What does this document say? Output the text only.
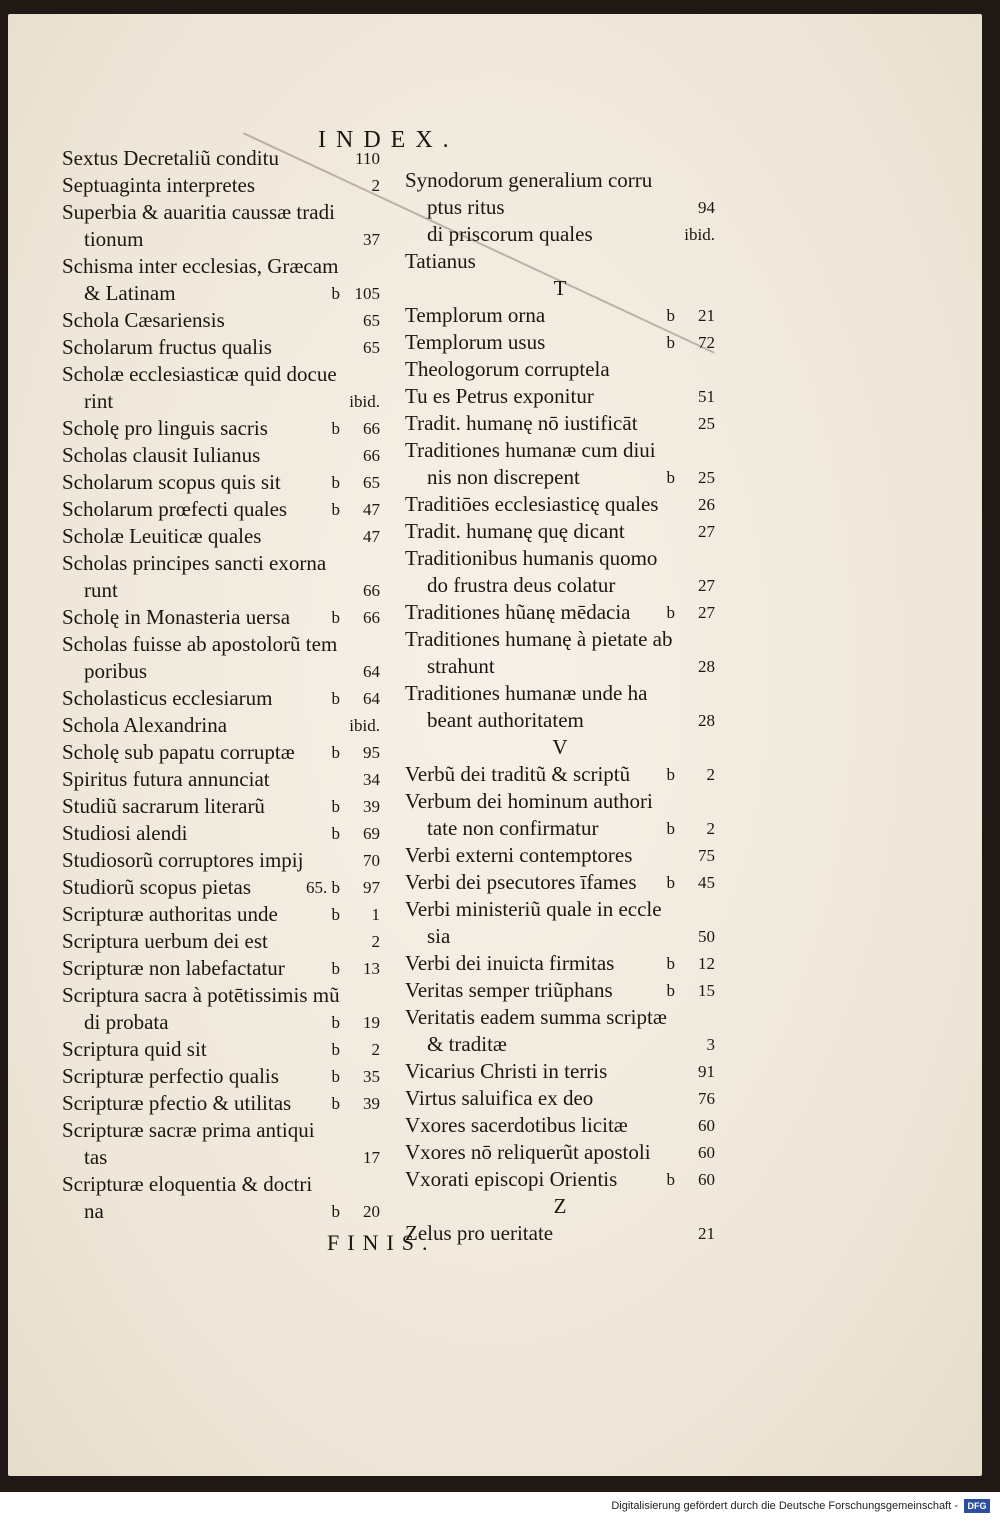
INDEX.
Sextus Decretaliũ conditu	110
Septuaginta interpretes	2
Superbia & auaritia caussæ tradi
tionum	37
Schisma inter ecclesias, Græcam
& Latinam	b 105
Schola Cæsariensis	65
Scholarum fructus qualis	65
Scholæ ecclesiasticæ quid docue
rint	ibid.
Scholę pro linguis sacris	b 66
Scholas clausit Iulianus	66
Scholarum scopus quis sit	b 65
Scholarum prœfecti quales	b 47
Scholæ Leuiticæ quales	47
Scholas principes sancti exorna
runt	66
Scholę in Monasteria uersa b 66
Scholas fuisse ab apostolorũ tem
poribus	64
Scholasticus ecclesiarum	b 64
Schola Alexandrina	ibid.
Scholę sub papatu corruptæ b 95
Spiritus futura annunciat	34
Studiũ sacrarum literarũ	b 39
Studiosi alendi	b 69
Studiosorũ corruptores impij	70
Studiorũ scopus pietas	65. b 97
Scripturæ authoritas unde	b 1
Scriptura uerbum dei est	2
Scripturæ non labefactatur	b 13
Scriptura sacra à potētissimis mũ
di probata	b 19
Scriptura quid sit	b 2
Scripturæ perfectio qualis	b 35
Scripturæ pfectio & utilitas b 39
Scripturæ sacræ prima antiqui
tas	17
Scripturæ eloquentia & doctri
na	b 20
Synodorum generalium corru
ptus ritus	94
di priscorum quales	ibid.
Tatianus
T
Templorum orna	b 21
Templorum usus	b 72
Theologorum corruptela
Tu es Petrus exponitur	51
Tradit. humanę nō iustificāt	25
Traditiones humanæ cum diui
nis non discrepent	b 25
Traditiōes ecclesiasticę quales 26
Tradit. humanę quę dicant	27
Traditionibus humanis quomo
do frustra deus colatur	27
Traditiones hũanę mēdacia b 27
Traditiones humanę à pietate ab
strahunt	28
Traditiones humanæ unde ha
beant authoritatem	28
V
Verbũ dei traditũ & scriptũ b 2
Verbum dei hominum authori
tate non confirmatur	b 2
Verbi externi contemptores	75
Verbi dei psecutores īfames b 45
Verbi ministeriũ quale in eccle
sia	50
Verbi dei inuicta firmitas	b 12
Veritas semper triũphans	b 15
Veritatis eadem summa scriptæ
& traditæ	3
Vicarius Christi in terris	91
Virtus saluifica ex deo	76
Vxores sacerdotibus licitæ	60
Vxores nō reliquerũt apostoli	60
Vxorati episcopi Orientis	b 60
Z
Zelus pro ueritate	21
FINIS.
Digitalisierung gefördert durch die Deutsche Forschungsgemeinschaft -	DFG
